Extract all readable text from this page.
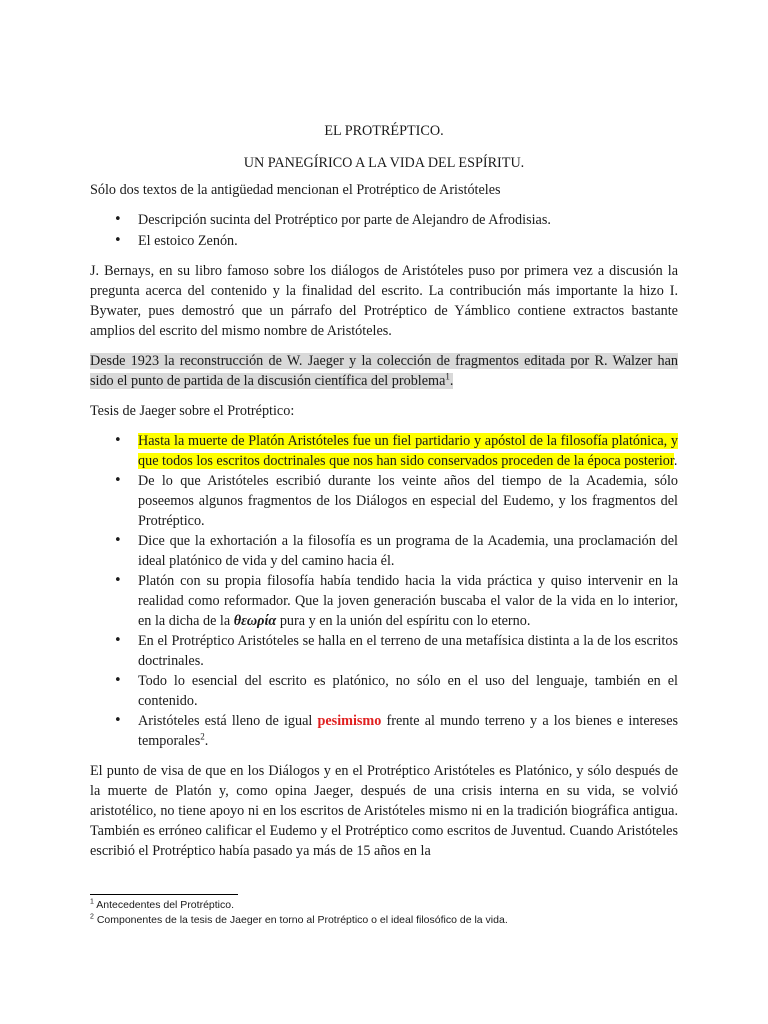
EL PROTRÉPTICO.

UN PANEGÍRICO A LA VIDA DEL ESPÍRITU.

Sólo dos textos de la antigüedad mencionan el Protréptico de Aristóteles

• Descripción sucinta del Protréptico por parte de Alejandro de Afrodisias.
• El estoico Zenón.

J. Bernays, en su libro famoso sobre los diálogos de Aristóteles puso por primera vez a discusión la pregunta acerca del contenido y la finalidad del escrito. La contribución más importante la hizo I. Bywater, pues demostró que un párrafo del Protréptico de Yámblico contiene extractos bastante amplios del escrito del mismo nombre de Aristóteles.

Desde 1923 la reconstrucción de W. Jaeger y la colección de fragmentos editada por R. Walzer han sido el punto de partida de la discusión científica del problema$^1$.

Tesis de Jaeger sobre el Protréptico:

• Hasta la muerte de Platón Aristóteles fue un fiel partidario y apóstol de la filosofía platónica, y que todos los escritos doctrinales que nos han sido conservados proceden de la época posterior.
• De lo que Aristóteles escribió durante los veinte años del tiempo de la Academia, sólo poseemos algunos fragmentos de los Diálogos en especial del Eudemo, y los fragmentos del Protréptico.
• Dice que la exhortación a la filosofía es un programa de la Academia, una proclamación del ideal platónico de vida y del camino hacia él.
• Platón con su propia filosofía había tendido hacia la vida práctica y quiso intervenir en la realidad como reformador. Que la joven generación buscaba el valor de la vida en lo interior, en la dicha de la θεωρία pura y en la unión del espíritu con lo eterno.
• En el Protréptico Aristóteles se halla en el terreno de una metafísica distinta a la de los escritos doctrinales.
• Todo lo esencial del escrito es platónico, no sólo en el uso del lenguaje, también en el contenido.
• Aristóteles está lleno de igual pesimismo frente al mundo terreno y a los bienes e intereses temporales$^2$.

El punto de visa de que en los Diálogos y en el Protréptico Aristóteles es Platónico, y sólo después de la muerte de Platón y, como opina Jaeger, después de una crisis interna en su vida, se volvió aristotélico, no tiene apoyo ni en los escritos de Aristóteles mismo ni en la tradición biográfica antigua. También es erróneo calificar el Eudemo y el Protréptico como escritos de Juventud. Cuando Aristóteles escribió el Protréptico había pasado ya más de 15 años en la

$^1$ Antecedentes del Protréptico.
$^2$ Componentes de la tesis de Jaeger en torno al Protréptico o el ideal filosófico de la vida.
